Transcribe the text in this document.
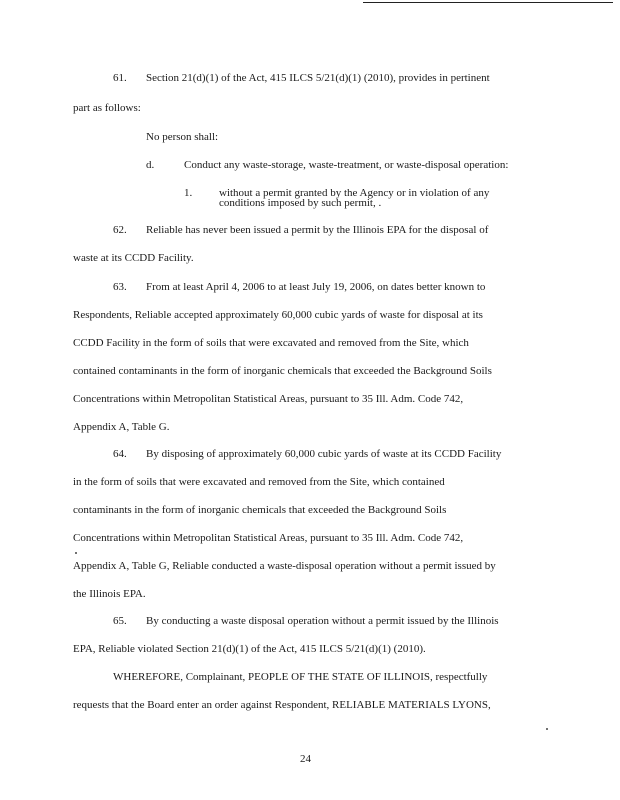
61. Section 21(d)(1) of the Act, 415 ILCS 5/21(d)(1) (2010), provides in pertinent
part as follows:
No person shall:
d.	Conduct any waste-storage, waste-treatment, or waste-disposal operation:
1. without a permit granted by the Agency or in violation of any
conditions imposed by such permit, .
62. Reliable has never been issued a permit by the Illinois EPA for the disposal of
waste at its CCDD Facility.
63. From at least April 4, 2006 to at least July 19, 2006, on dates better known to
Respondents, Reliable accepted approximately 60,000 cubic yards of waste for disposal at its
CCDD Facility in the form of soils that were excavated and removed from the Site, which
contained contaminants in the form of inorganic chemicals that exceeded the Background Soils
Concentrations within Metropolitan Statistical Areas, pursuant to 35 Ill. Adm. Code 742,
Appendix A, Table G.
64. By disposing of approximately 60,000 cubic yards of waste at its CCDD Facility
in the form of soils that were excavated and removed from the Site, which contained
contaminants in the form of inorganic chemicals that exceeded the Background Soils
Concentrations within Metropolitan Statistical Areas, pursuant to 35 Ill. Adm. Code 742,
Appendix A, Table G, Reliable conducted a waste-disposal operation without a permit issued by
the Illinois EPA.
65. By conducting a waste disposal operation without a permit issued by the Illinois
EPA, Reliable violated Section 21(d)(1) of the Act, 415 ILCS 5/21(d)(1) (2010).
WHEREFORE, Complainant, PEOPLE OF THE STATE OF ILLINOIS, respectfully
requests that the Board enter an order against Respondent, RELIABLE MATERIALS LYONS,
24
